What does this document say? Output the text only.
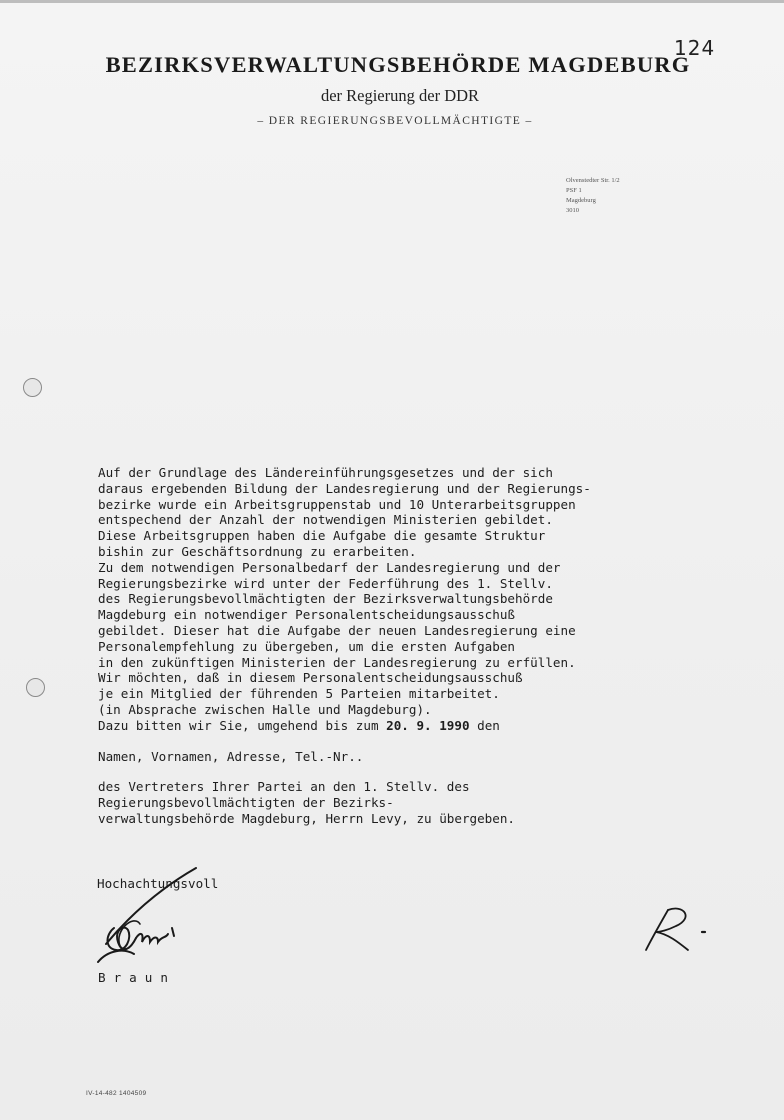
124
BEZIRKSVERWALTUNGSBEHÖRDE MAGDEBURG
der Regierung der DDR
– DER REGIERUNGSBEVOLLMÄCHTIGTE –
Olvenstedter Str. 1/2
PSF 1
Magdeburg
3010
Auf der Grundlage des Ländereinführungsgesetzes und der sich
daraus ergebenden Bildung der Landesregierung und der Regierungs-
bezirke wurde ein Arbeitsgruppenstab und 10 Unterarbeitsgruppen
entspechend der Anzahl der notwendigen Ministerien gebildet.
Diese Arbeitsgruppen haben die Aufgabe die gesamte Struktur
bishin zur Geschäftsordnung zu erarbeiten.
Zu dem notwendigen Personalbedarf der Landesregierung und der
Regierungsbezirke wird unter der Federführung des 1. Stellv.
des Regierungsbevollmächtigten der Bezirksverwaltungsbehörde
Magdeburg ein notwendiger Personalentscheidungsausschuß
gebildet. Dieser hat die Aufgabe der neuen Landesregierung eine
Personalempfehlung zu übergeben, um die ersten Aufgaben
in den zukünftigen Ministerien der Landesregierung zu erfüllen.
Wir möchten, daß in diesem Personalentscheidungsausschuß
je ein Mitglied der führenden 5 Parteien mitarbeitet.
(in Absprache zwischen Halle und Magdeburg).
Dazu bitten wir Sie, umgehend bis zum 20. 9. 1990 den
Namen, Vornamen, Adresse, Tel.-Nr..
des Vertreters Ihrer Partei an den 1. Stellv. des
Regierungsbevollmächtigten der Bezirks-
verwaltungsbehörde Magdeburg, Herrn Levy, zu übergeben.
Hochachtungsvoll
Braun
IV-14-482 1404509
